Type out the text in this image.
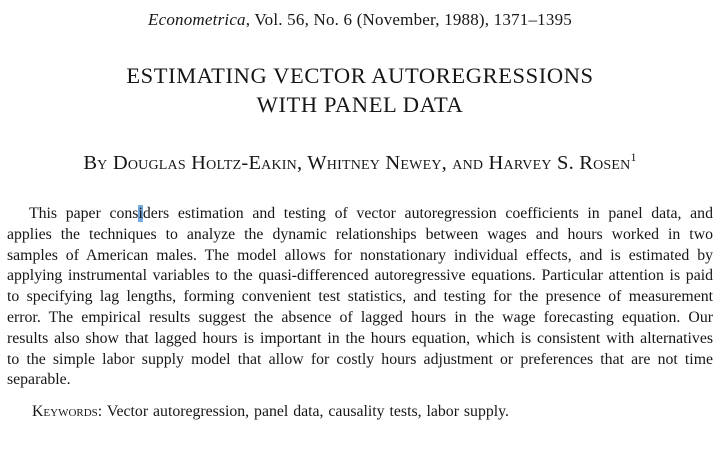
Econometrica, Vol. 56, No. 6 (November, 1988), 1371–1395
ESTIMATING VECTOR AUTOREGRESSIONS
WITH PANEL DATA
By Douglas Holtz-Eakin, Whitney Newey, and Harvey S. Rosen$^1$

This paper considers estimation and testing of vector autoregression coefficients in panel data, and applies the techniques to analyze the dynamic relationships between wages and hours worked in two samples of American males. The model allows for nonstationary individual effects, and is estimated by applying instrumental variables to the quasi-differenced autoregressive equations. Particular attention is paid to specifying lag lengths, forming convenient test statistics, and testing for the presence of measurement error. The empirical results suggest the absence of lagged hours in the wage forecasting equation. Our results also show that lagged hours is important in the hours equation, which is consistent with alternatives to the simple labor supply model that allow for costly hours adjustment or preferences that are not time separable.

Keywords: Vector autoregression, panel data, causality tests, labor supply.
